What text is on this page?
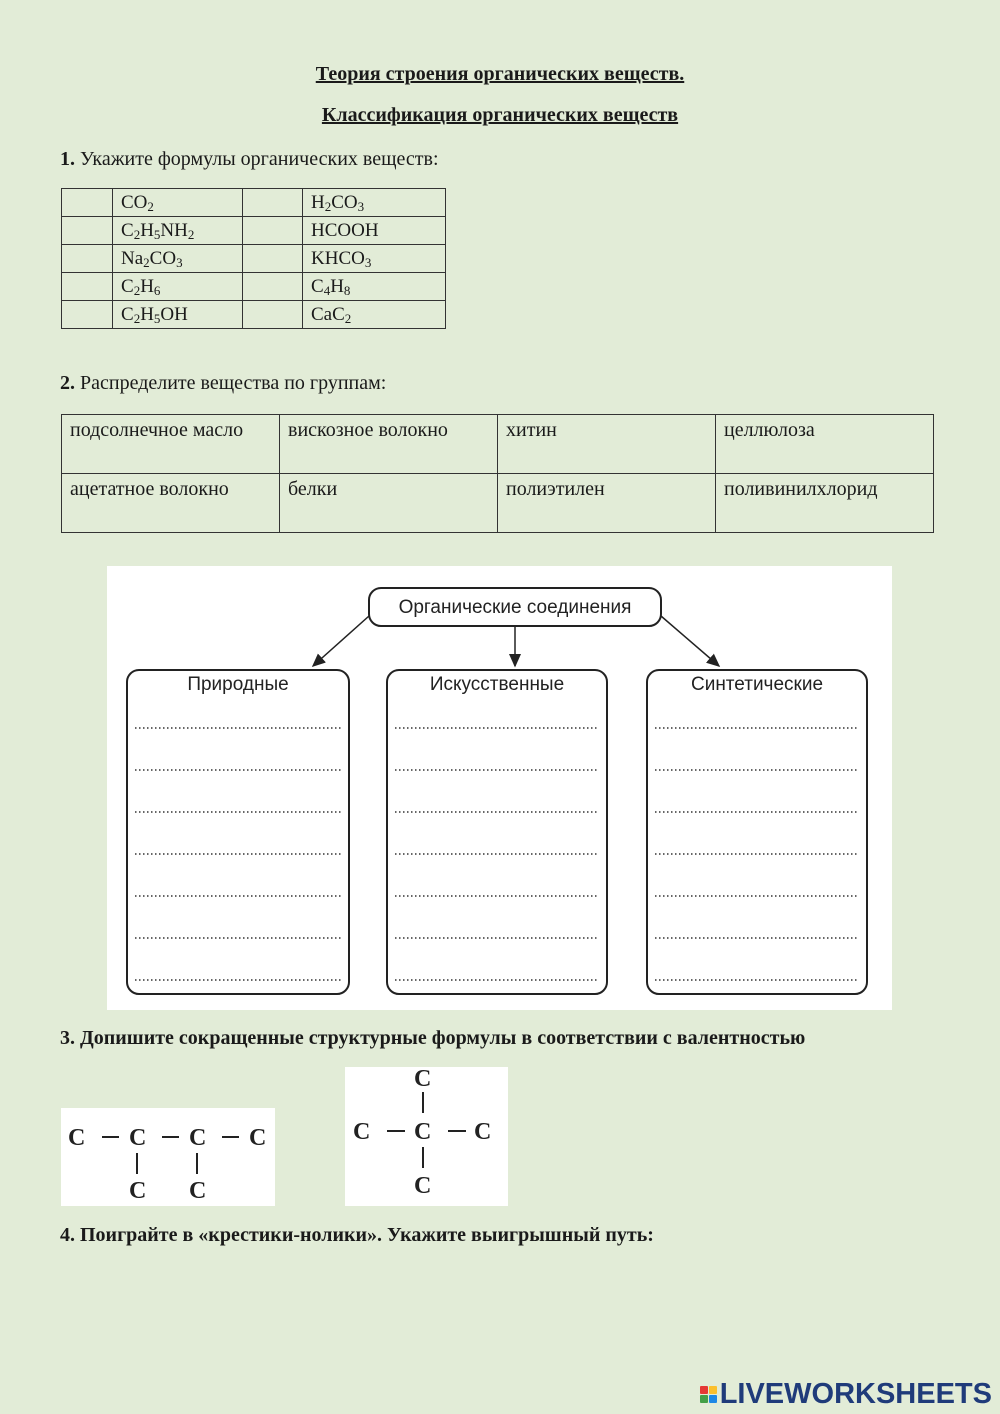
Теория строения органических веществ.
Классификация органических веществ
1. Укажите формулы органических веществ:
	$CO_2$		$H_2CO_3$
	$C_2H_5NH_2$		HCOOH
	$Na_2CO_3$		$KHCO_3$
	$C_2H_6$		$C_4H_8$
	$C_2H_5OH$		CaC$_2$
2. Распределите вещества по группам:
подсолнечное масло	вискозное волокно	хитин	целлюлоза
ацетатное волокно	белки	полиэтилен	поливинилхлорид
Органические соединения
Природные	Искусственные	Синтетические
3. Допишите сокращенные структурные формулы в соответствии с валентностью
C C C C
C C
C
C C C
C
4. Поиграйте в «крестики-нолики». Укажите выигрышный путь:
LIVEWORKSHEETS
